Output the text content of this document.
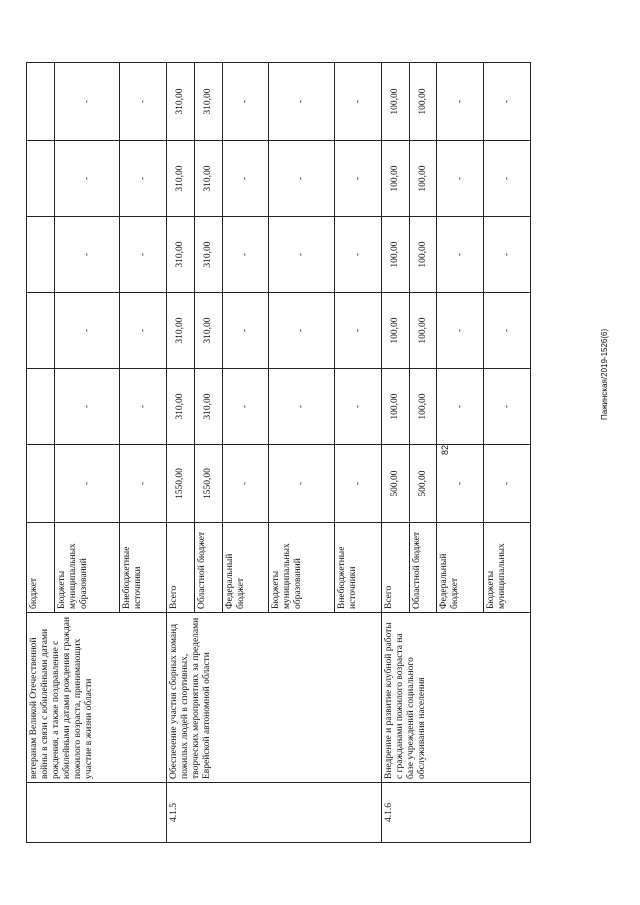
82
Пажинская/2019-1526(6)
	ветеранам Великой Отечественной войны в связи с юбилейными датами рождения, а также поздравление с юбилейными датами рождения граждан пожилого возраста, принимающих участие в жизни области	бюджет						
		Бюджеты муниципальных образований	-	-	-	-	-	-
		Внебюджетные источники	-	-	-	-	-	-
4.1.5	Обеспечение участия сборных команд пожилых людей в спортивных, творческих мероприятиях за пределами Еврейской автономной области	Всего	1550,00	310,00	310,00	310,00	310,00	310,00
		Областной бюджет	1550,00	310,00	310,00	310,00	310,00	310,00
		Федеральный бюджет	-	-	-	-	-	-
		Бюджеты муниципальных образований	-	-	-	-	-	-
		Внебюджетные источники	-	-	-	-	-	-
4.1.6	Внедрение и развитие клубной работы с гражданами пожилого возраста на базе учреждений социального обслуживания населения	Всего	500,00	100,00	100,00	100,00	100,00	100,00
		Областной бюджет	500,00	100,00	100,00	100,00	100,00	100,00
		Федеральный бюджет	-	-	-	-	-	-
		Бюджеты муниципальных	-	-	-	-	-	-
